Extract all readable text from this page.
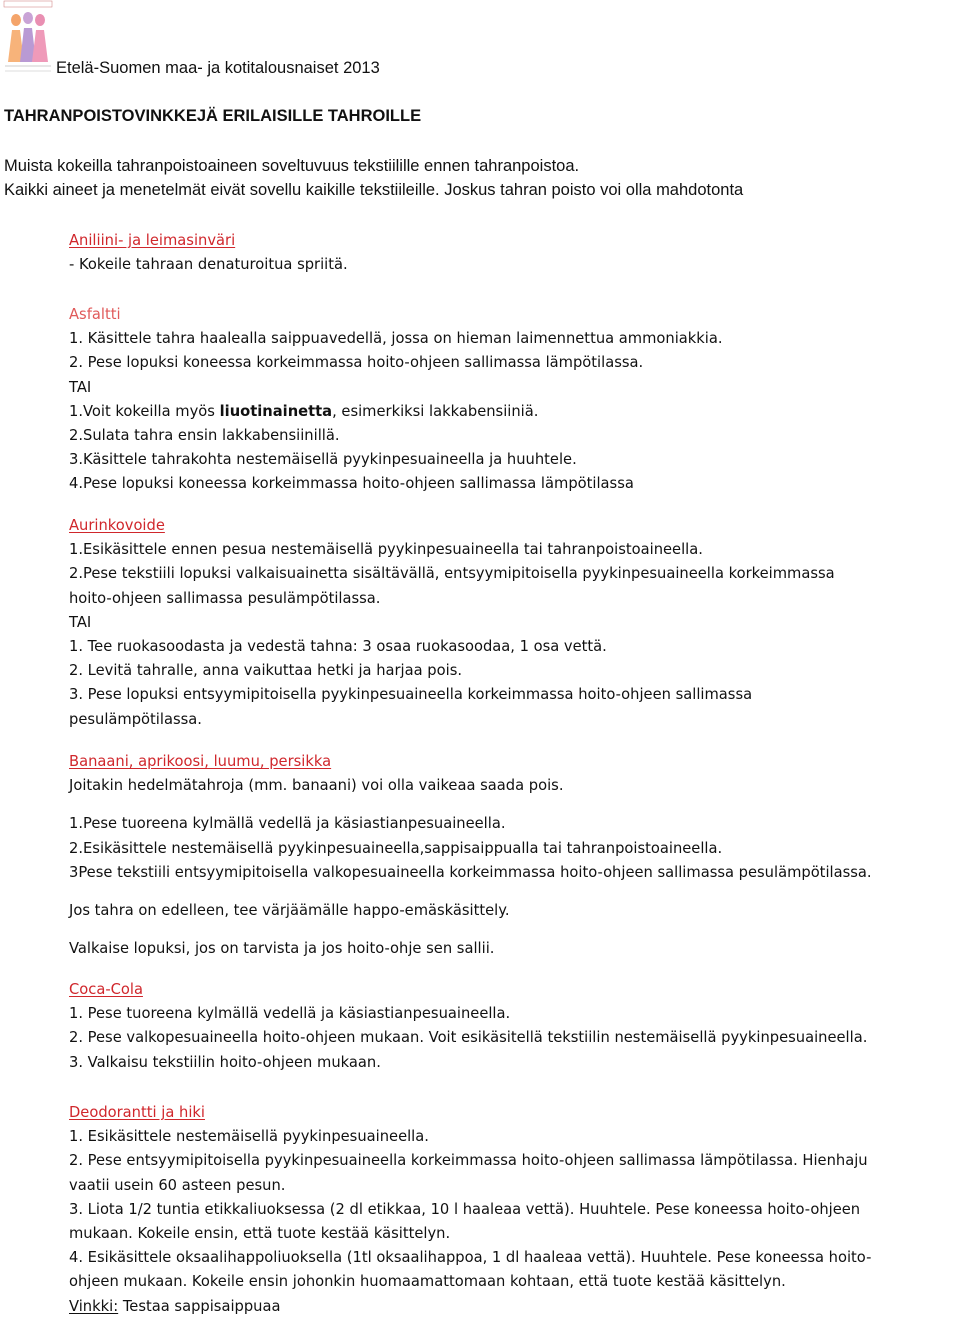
Etelä-Suomen maa- ja kotitalousnaiset 2013
TAHRANPOISTOVINKKEJÄ ERILAISILLE TAHROILLE
Muista kokeilla tahranpoistoaineen soveltuvuus tekstiilille ennen tahranpoistoa.
Kaikki aineet ja menetelmät eivät sovellu kaikille tekstiileille. Joskus tahran poisto voi olla mahdotonta
Aniliini- ja leimasinväri
- Kokeile tahraan denaturoitua spriitä.
Asfaltti
1. Käsittele tahra haalealla saippuavedellä, jossa on hieman laimennettua ammoniakkia.
2. Pese lopuksi koneessa korkeimmassa hoito-ohjeen sallimassa lämpötilassa.
TAI
1.Voit kokeilla myös liuotinainetta, esimerkiksi lakkabensiiniä.
2.Sulata tahra ensin lakkabensiinillä.
3.Käsittele tahrakohta nestemäisellä pyykinpesuaineella ja huuhtele.
4.Pese lopuksi koneessa korkeimmassa hoito-ohjeen sallimassa lämpötilassa
Aurinkovoide
1.Esikäsittele ennen pesua nestemäisellä pyykinpesuaineella tai tahranpoistoaineella.
2.Pese tekstiili lopuksi valkaisuainetta sisältävällä, entsyymipitoisella pyykinpesuaineella korkeimmassa
hoito-ohjeen sallimassa pesulämpötilassa.
TAI
1. Tee ruokasoodasta ja vedestä tahna: 3 osaa ruokasoodaa, 1 osa vettä.
2. Levitä tahralle, anna vaikuttaa hetki ja harjaa pois.
3. Pese lopuksi entsyymipitoisella pyykinpesuaineella korkeimmassa hoito-ohjeen sallimassa
pesulämpötilassa.
Banaani, aprikoosi, luumu, persikka
Joitakin hedelmätahroja (mm. banaani) voi olla vaikeaa saada pois.
1.Pese tuoreena kylmällä vedellä ja käsiastianpesuaineella.
2.Esikäsittele nestemäisellä pyykinpesuaineella,sappisaippualla tai tahranpoistoaineella.
3Pese tekstiili entsyymipitoisella valkopesuaineella korkeimmassa hoito-ohjeen sallimassa pesulämpötilassa.
Jos tahra on edelleen, tee värjäämälle happo-emäskäsittely.
Valkaise lopuksi, jos on tarvista ja jos hoito-ohje sen sallii.
Coca-Cola
1. Pese tuoreena kylmällä vedellä ja käsiastianpesuaineella.
2. Pese valkopesuaineella hoito-ohjeen mukaan. Voit esikäsitellä tekstiilin nestemäisellä pyykinpesuaineella.
3. Valkaisu tekstiilin hoito-ohjeen mukaan.
Deodorantti ja hiki
1. Esikäsittele nestemäisellä pyykinpesuaineella.
2. Pese entsyymipitoisella pyykinpesuaineella korkeimmassa hoito-ohjeen sallimassa lämpötilassa. Hienhaju
vaatii usein 60 asteen pesun.
3. Liota 1/2 tuntia etikkaliuoksessa (2 dl etikkaa, 10 l haaleaa vettä). Huuhtele. Pese koneessa hoito-ohjeen
mukaan. Kokeile ensin, että tuote kestää käsittelyn.
4. Esikäsittele oksaalihappoliuoksella (1tl oksaalihappoa, 1 dl haaleaa vettä). Huuhtele. Pese koneessa hoito-
ohjeen mukaan. Kokeile ensin johonkin huomaamattomaan kohtaan, että tuote kestää käsittelyn.
Vinkki: Testaa sappisaippuaa
